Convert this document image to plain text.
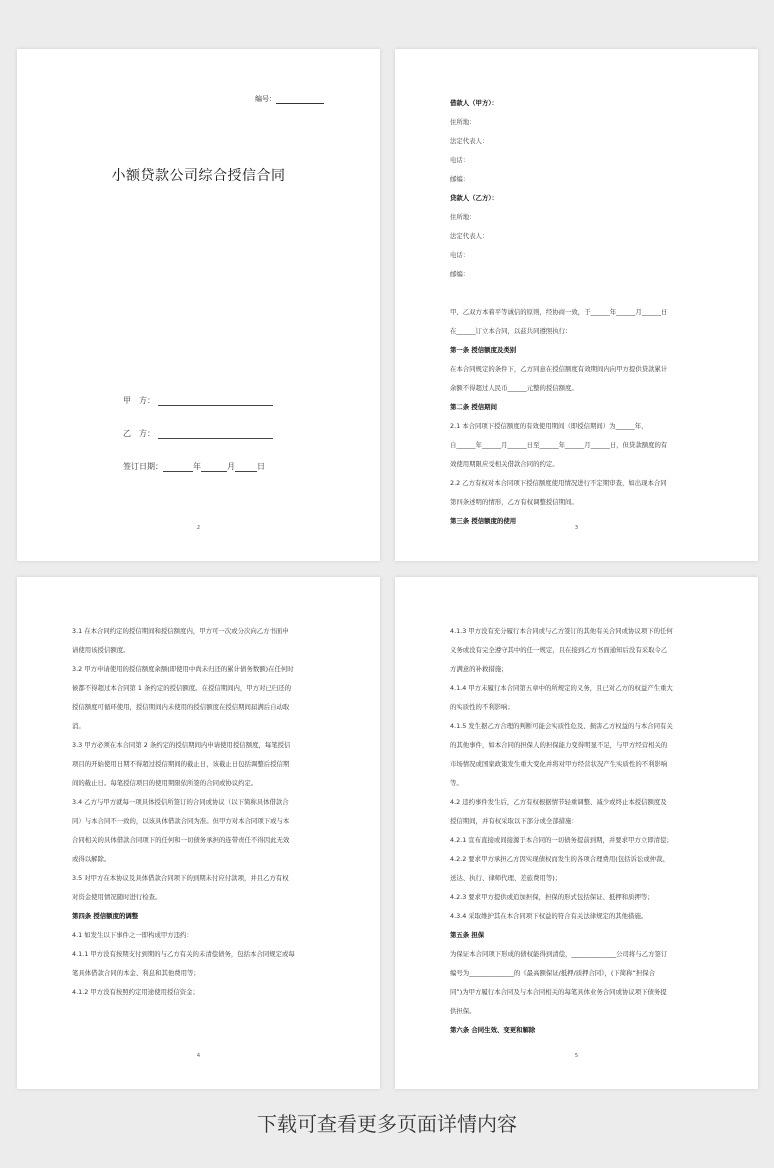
编号：
小额贷款公司综合授信合同
甲　方：
乙　方：
签订日期：	年	月	日
2

借款人（甲方）：

住所地：

法定代表人：

电话：

邮编：

贷款人（乙方）：

住所地：

法定代表人：

电话：

邮编：

甲、乙双方本着平等诚信的原则，经协商一致，于______年______月______日

在______订立本合同，以兹共同遵照执行：

第一条 授信额度及类别

在本合同规定的条件下，乙方同意在授信额度有效期间内向甲方提供贷款累计

余额不得超过人民币______元整的授信额度。

第二条 授信期间

2.1 本合同项下授信额度的有效使用期间（即授信期间）为______年，

自______年______月______日至______年______月______日，但贷款额度的有

效使用期限应受相关借款合同的约定。

2.2 乙方有权对本合同项下授信额度使用情况进行不定期审查，如出现本合同

第四条述明的情形，乙方有权调整授信期间。

第三条 授信额度的使用

3

3.1 在本合同约定的授信期间和授信额度内，甲方可一次或分次向乙方书面申

请使用该授信额度。

3.2 甲方申请使用的授信额度余额(即使用中尚未归还的累计债务数额)在任何时

候都不得超过本合同第 1 条约定的授信额度。在授信期间内，甲方对已归还的

授信额度可循环使用，授信期间内未使用的授信额度在授信期间届满后自动取

消。

3.3 甲方必须在本合同第 2 条约定的授信期间内申请使用授信额度，每笔授信

项目的开始使用日期不得超过授信期间的截止日，该截止日包括调整后授信期

间的截止日。每笔授信项目的使用期限依所签的合同或协议约定。

3.4 乙方与甲方就每一项具体授信所签订的合同或协议（以下简称具体借款合

同）与本合同不一致的，以该具体借款合同为准。但甲方对本合同项下或与本

合同相关的具体借款合同项下的任何和一切债务承担的连带责任不得因此无效

或得以解除。

3.5 对甲方在本协议及具体借款合同项下的到期未付应付款项，并且乙方有权

对资金使用情况随时进行检查。

第四条 授信额度的调整

4.1 如发生以下事件之一即构成甲方违约：

4.1.1 甲方没有按期支付到期的与乙方有关的未清偿债务，包括本合同规定或每

笔具体借款合同的本金、利息和其他费用等；

4.1.2 甲方没有按照约定用途使用授信资金；

4

4.1.3 甲方没有充分履行本合同或与乙方签订的其他有关合同或协议项下的任何

义务或没有完全遵守其中的任一规定，且在接到乙方书面通知后没有采取令乙

方满意的补救措施；

4.1.4 甲方未履行本合同第五章中的所规定的义务，且已对乙方的权益产生重大

的实质性的不利影响；

4.1.5 发生据乙方合理的判断可能会实质性危及、损害乙方权益的与本合同有关

的其他事件，如本合同的担保人的担保能力变得明显不足，与甲方经营相关的

市场情况或国家政策发生重大变化并将对甲方经营状况产生实质性的不利影响

等。

4.2 违约事件发生后，乙方有权根据情节轻重调整、减少或终止本授信额度及

授信期间，并有权采取以下部分或全部措施：

4.2.1 宣布直接或间接源于本合同的一切债务提前到期，并要求甲方立即清偿；

4.2.2 要求甲方承担乙方因实现债权而发生的各项合理费用(包括诉讼或仲裁、

送达、执行、律师代理、差旅费用等)；

4.2.3 要求甲方提供或追加担保，担保的形式包括保证、抵押和质押等；

4.3.4 采取维护其在本合同项下权益的符合有关法律规定的其他措施。

第五条 担保

为保证本合同项下形成的债权能得到清偿，______________公司将与乙方签订

编号为______________的《最高额保证/抵押/质押合同》，(下简称“担保合

同”)为甲方履行本合同及与本合同相关的每笔具体业务合同或协议项下债务提

供担保。

第六条 合同生效、变更和解除

5
下载可查看更多页面详情内容
